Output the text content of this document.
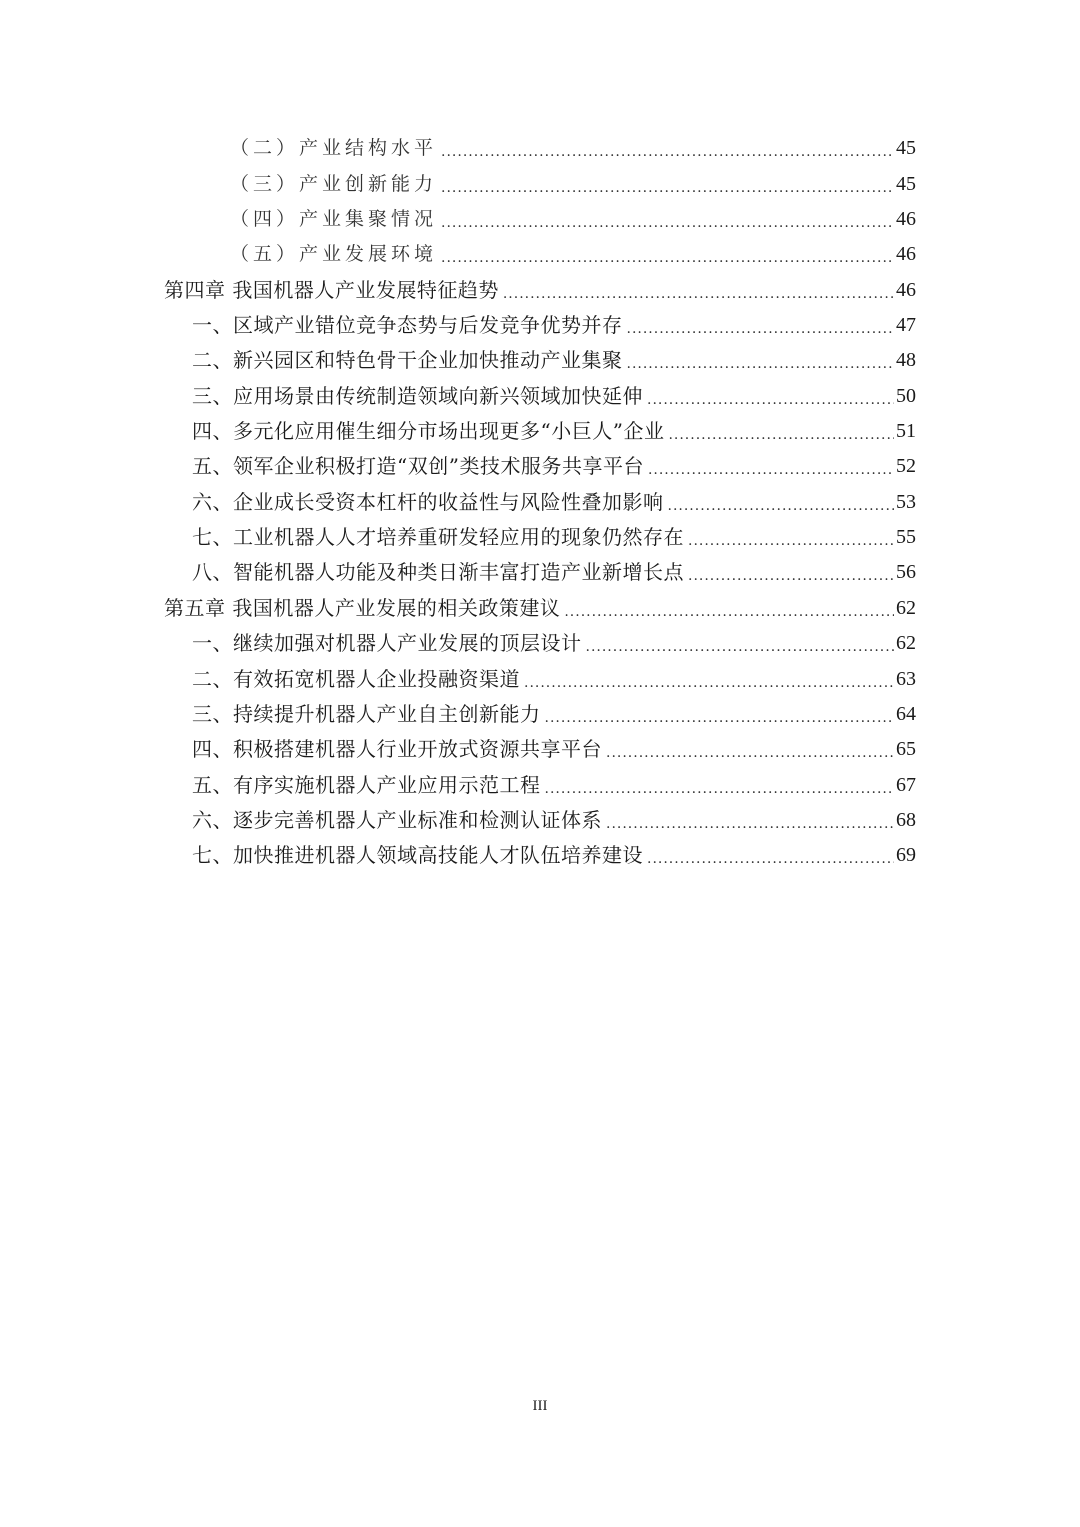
（二）产业结构水平 .....	45
（三）产业创新能力 .....	45
（四）产业集聚情况 .....	46
（五）产业发展环境 .....	46
第四章 我国机器人产业发展特征趋势 .....	46
一、区域产业错位竞争态势与后发竞争优势并存 .....	47
二、新兴园区和特色骨干企业加快推动产业集聚 .....	48
三、应用场景由传统制造领域向新兴领域加快延伸 .....	50
四、多元化应用催生细分市场出现更多“小巨人”企业 .....	51
五、领军企业积极打造“双创”类技术服务共享平台 .....	52
六、企业成长受资本杠杆的收益性与风险性叠加影响 .....	53
七、工业机器人人才培养重研发轻应用的现象仍然存在 .....	55
八、智能机器人功能及种类日渐丰富打造产业新增长点 .....	56
第五章 我国机器人产业发展的相关政策建议 .....	62
一、继续加强对机器人产业发展的顶层设计 .....	62
二、有效拓宽机器人企业投融资渠道 .....	63
三、持续提升机器人产业自主创新能力 .....	64
四、积极搭建机器人行业开放式资源共享平台 .....	65
五、有序实施机器人产业应用示范工程 .....	67
六、逐步完善机器人产业标准和检测认证体系 .....	68
七、加快推进机器人领域高技能人才队伍培养建设 .....	69
III
